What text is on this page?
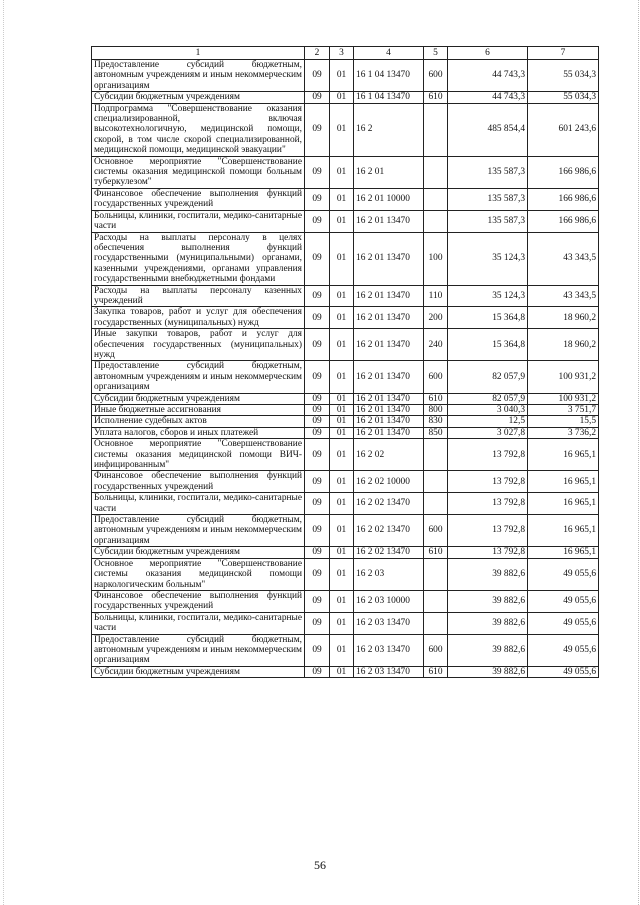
1	2	3	4	5	6	7
Предоставление субсидий бюджетным, автономным учреждениям и иным некоммерческим организациям	09	01	16 1 04 13470	600	44 743,3	55 034,3
Субсидии бюджетным учреждениям	09	01	16 1 04 13470	610	44 743,3	55 034,3
Подпрограмма "Совершенствование оказания специализированной, включая высокотехнологичную, медицинской помощи, скорой, в том числе скорой специализированной, медицинской помощи, медицинской эвакуации"	09	01	16 2		485 854,4	601 243,6
Основное мероприятие "Совершенствование системы оказания медицинской помощи больным туберкулезом"	09	01	16 2 01		135 587,3	166 986,6
Финансовое обеспечение выполнения функций государственных учреждений	09	01	16 2 01 10000		135 587,3	166 986,6
Больницы, клиники, госпитали, медико-санитарные части	09	01	16 2 01 13470		135 587,3	166 986,6
Расходы на выплаты персоналу в целях обеспечения выполнения функций государственными (муниципальными) органами, казенными учреждениями, органами управления государственными внебюджетными фондами	09	01	16 2 01 13470	100	35 124,3	43 343,5
Расходы на выплаты персоналу казенных учреждений	09	01	16 2 01 13470	110	35 124,3	43 343,5
Закупка товаров, работ и услуг для обеспечения государственных (муниципальных) нужд	09	01	16 2 01 13470	200	15 364,8	18 960,2
Иные закупки товаров, работ и услуг для обеспечения государственных (муниципальных) нужд	09	01	16 2 01 13470	240	15 364,8	18 960,2
Предоставление субсидий бюджетным, автономным учреждениям и иным некоммерческим организациям	09	01	16 2 01 13470	600	82 057,9	100 931,2
Субсидии бюджетным учреждениям	09	01	16 2 01 13470	610	82 057,9	100 931,2
Иные бюджетные ассигнования	09	01	16 2 01 13470	800	3 040,3	3 751,7
Исполнение судебных актов	09	01	16 2 01 13470	830	12,5	15,5
Уплата налогов, сборов и иных платежей	09	01	16 2 01 13470	850	3 027,8	3 736,2
Основное мероприятие "Совершенствование системы оказания медицинской помощи ВИЧ-инфицированным"	09	01	16 2 02		13 792,8	16 965,1
Финансовое обеспечение выполнения функций государственных учреждений	09	01	16 2 02 10000		13 792,8	16 965,1
Больницы, клиники, госпитали, медико-санитарные части	09	01	16 2 02 13470		13 792,8	16 965,1
Предоставление субсидий бюджетным, автономным учреждениям и иным некоммерческим организациям	09	01	16 2 02 13470	600	13 792,8	16 965,1
Субсидии бюджетным учреждениям	09	01	16 2 02 13470	610	13 792,8	16 965,1
Основное мероприятие "Совершенствование системы оказания медицинской помощи наркологическим больным"	09	01	16 2 03		39 882,6	49 055,6
Финансовое обеспечение выполнения функций государственных учреждений	09	01	16 2 03 10000		39 882,6	49 055,6
Больницы, клиники, госпитали, медико-санитарные части	09	01	16 2 03 13470		39 882,6	49 055,6
Предоставление субсидий бюджетным, автономным учреждениям и иным некоммерческим организациям	09	01	16 2 03 13470	600	39 882,6	49 055,6
Субсидии бюджетным учреждениям	09	01	16 2 03 13470	610	39 882,6	49 055,6
56
